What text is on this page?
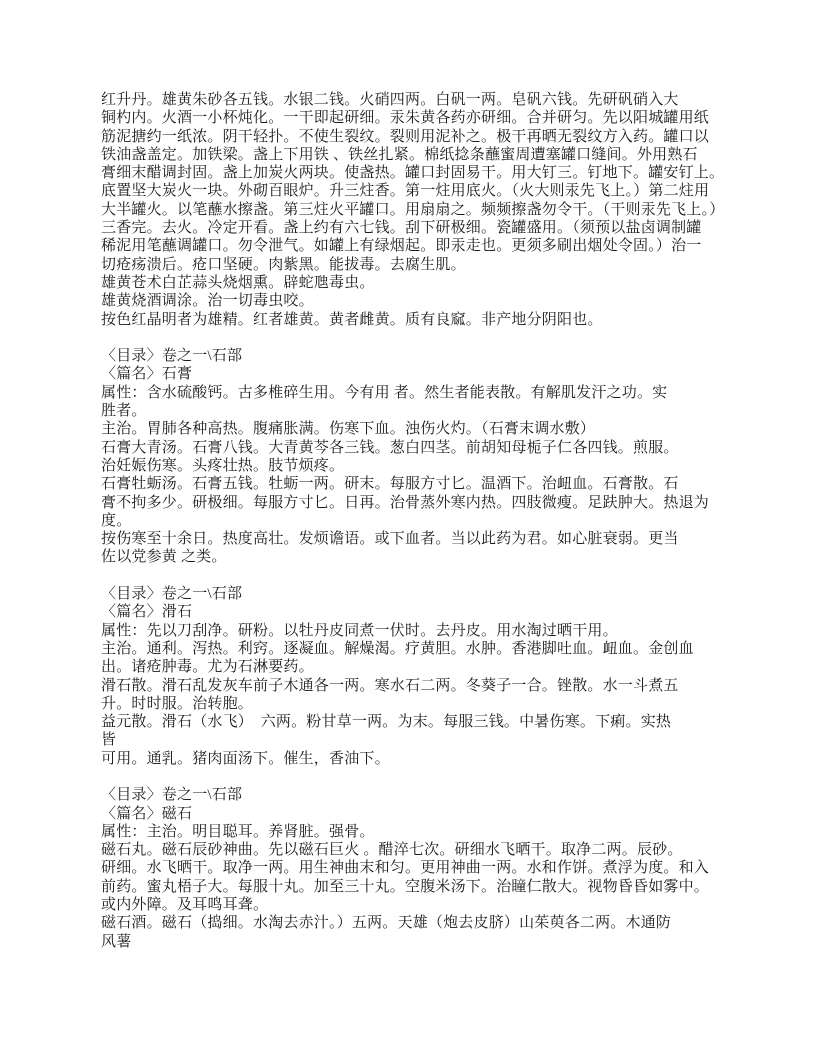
红升丹。雄黄朱砂各五钱。水银二钱。火硝四两。白矾一两。皂矾六钱。先研矾硝入大
铜杓内。火酒一小杯炖化。一干即起研细。汞朱黄各药亦研细。合并研匀。先以阳城罐用纸
筋泥搪约一纸浓。阴干轻扑。不使生裂纹。裂则用泥补之。极干再晒无裂纹方入药。罐口以
铁油盏盖定。加铁梁。盏上下用铁 、铁丝扎紧。棉纸捻条蘸蜜周遭塞罐口缝间。外用熟石
膏细末醋调封固。盏上加炭火两块。使盏热。罐口封固易干。用大钉三。钉地下。罐安钉上。
底置坚大炭火一块。外砌百眼炉。升三炷香。第一炷用底火。（火大则汞先飞上。）第二炷用
大半罐火。以笔蘸水擦盏。第三炷火平罐口。用扇扇之。频频擦盏勿令干。（干则汞先飞上。）
三香完。去火。冷定开看。盏上约有六七钱。刮下研极细。瓷罐盛用。（须预以盐卤调制罐
稀泥用笔蘸调罐口。勿令泄气。如罐上有绿烟起。即汞走也。更须多刷出烟处令固。）治一
切疮疡溃后。疮口坚硬。肉紫黑。能拔毒。去腐生肌。
雄黄苍术白芷蒜头烧烟熏。辟蛇虺毒虫。
雄黄烧酒调涂。治一切毒虫咬。
按色红晶明者为雄精。红者雄黄。黄者雌黄。质有良窳。非产地分阴阳也。
〈目录〉卷之一\石部
〈篇名〉石膏
属性：含水硫酸钙。古多椎碎生用。今有用 者。然生者能表散。有解肌发汗之功。实
胜者。
主治。胃肺各种高热。腹痛胀满。伤寒下血。浊伤火灼。（石膏末调水敷）
石膏大青汤。石膏八钱。大青黄芩各三钱。葱白四茎。前胡知母栀子仁各四钱。煎服。
治妊娠伤寒。头疼壮热。肢节烦疼。
石膏牡蛎汤。石膏五钱。牡蛎一两。研末。每服方寸匕。温酒下。治衄血。石膏散。石
膏不拘多少。研极细。每服方寸匕。日再。治骨蒸外寒内热。四肢微瘦。足趺肿大。热退为
度。
按伤寒至十余日。热度高壮。发烦谵语。或下血者。当以此药为君。如心脏衰弱。更当
佐以党参黄 之类。
〈目录〉卷之一\石部
〈篇名〉滑石
属性：先以刀刮净。研粉。以牡丹皮同煮一伏时。去丹皮。用水淘过晒干用。
主治。通利。泻热。利窍。逐凝血。解燥渴。疗黄胆。水肿。香港脚吐血。衄血。金创血
出。诸疮肿毒。尤为石淋要药。
滑石散。滑石乱发灰车前子木通各一两。寒水石二两。冬葵子一合。锉散。水一斗煮五
升。时时服。治转胞。
益元散。滑石（水飞）　六两。粉甘草一两。为末。每服三钱。中暑伤寒。下痢。实热
皆
可用。通乳。猪肉面汤下。催生，香油下。
〈目录〉卷之一\石部
〈篇名〉磁石
属性：主治。明目聪耳。养肾脏。强骨。
磁石丸。磁石辰砂神曲。先以磁石巨火 。醋淬七次。研细水飞晒干。取净二两。辰砂。
研细。水飞晒干。取净一两。用生神曲末和匀。更用神曲一两。水和作饼。煮浮为度。和入
前药。蜜丸梧子大。每服十丸。加至三十丸。空腹米汤下。治瞳仁散大。视物昏昏如雾中。
或内外障。及耳鸣耳聋。
磁石酒。磁石（捣细。水淘去赤汁。）五两。天雄（炮去皮脐）山茱萸各二两。木通防
风薯
